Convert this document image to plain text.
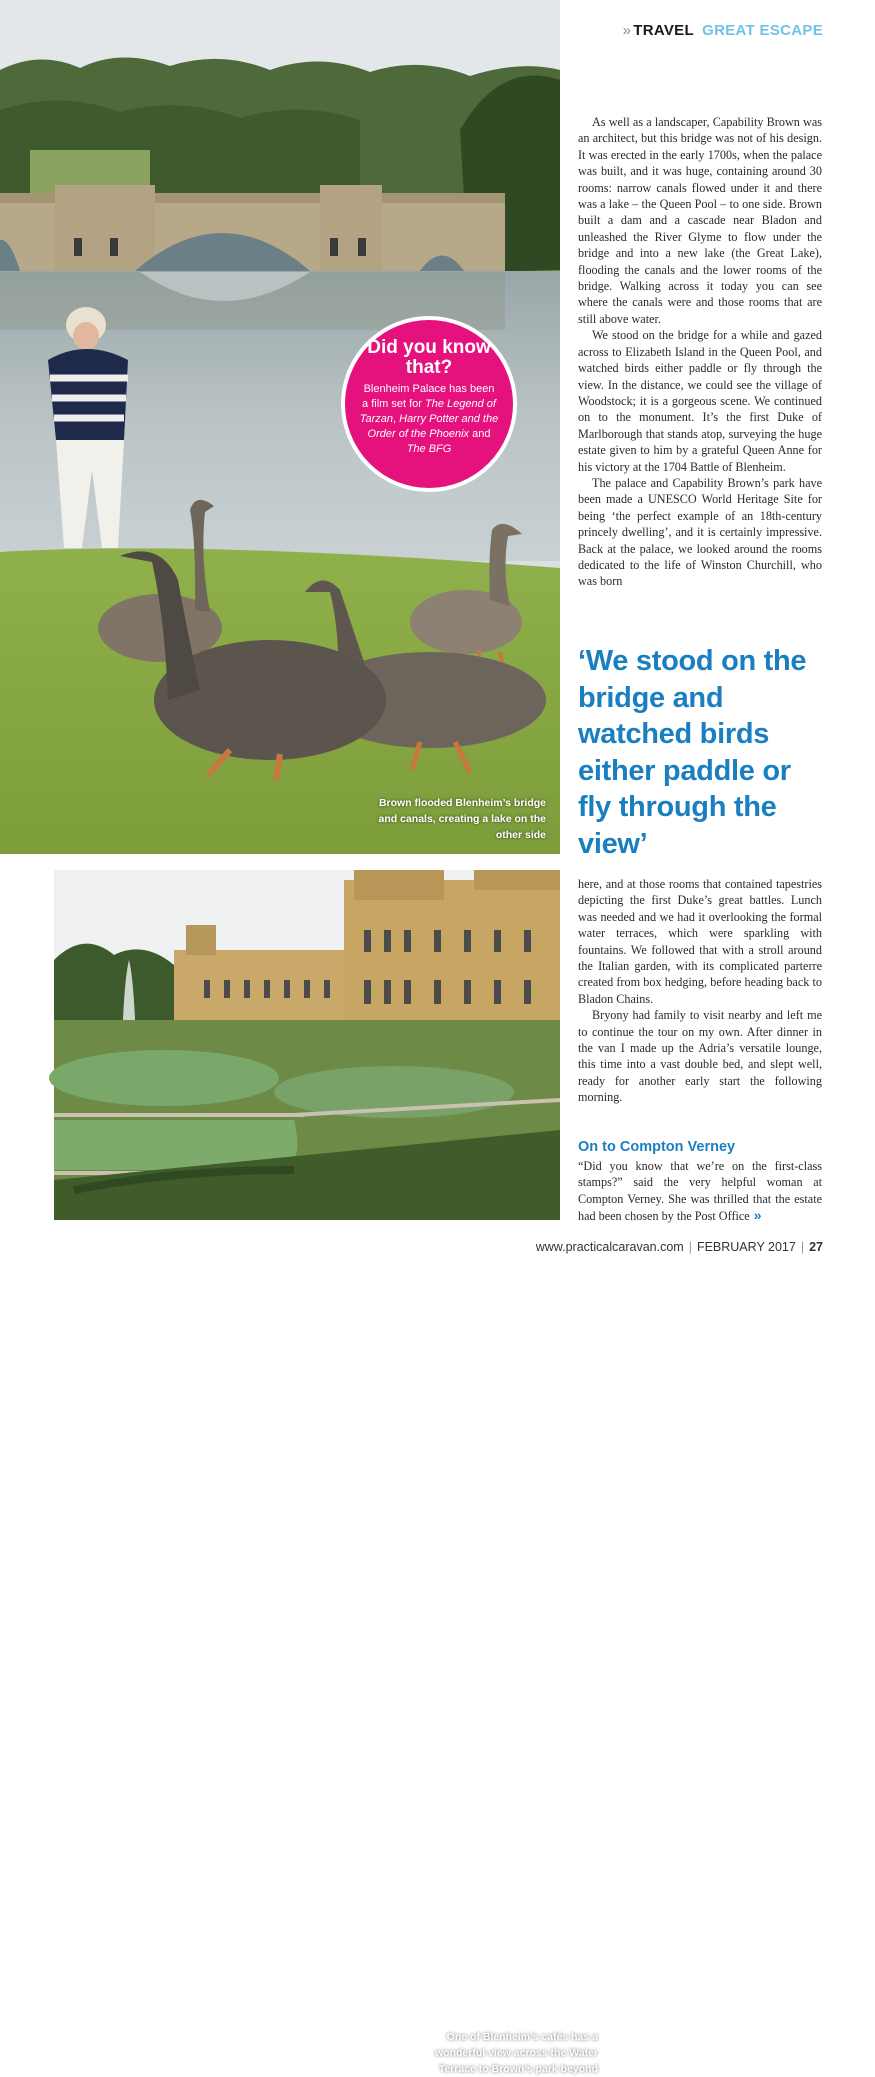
» TRAVEL GREAT ESCAPE
Did you know that?
Blenheim Palace has been a film set for The Legend of Tarzan, Harry Potter and the Order of the Phoenix and The BFG
Brown flooded Blenheim’s bridge and canals, creating a lake on the other side
One of Blenheim’s cafés has a wonderful view across the Water Terrace to Brown’s park beyond

As well as a landscaper, Capability Brown was an architect, but this bridge was not of his design. It was erected in the early 1700s, when the palace was built, and it was huge, containing around 30 rooms: narrow canals flowed under it and there was a lake – the Queen Pool – to one side. Brown built a dam and a cascade near Bladon and unleashed the River Glyme to flow under the bridge and into a new lake (the Great Lake), flooding the canals and the lower rooms of the bridge. Walking across it today you can see where the canals were and those rooms that are still above water.

We stood on the bridge for a while and gazed across to Elizabeth Island in the Queen Pool, and watched birds either paddle or fly through the view. In the distance, we could see the village of Woodstock; it is a gorgeous scene. We continued on to the monument. It’s the first Duke of Marlborough that stands atop, surveying the huge estate given to him by a grateful Queen Anne for his victory at the 1704 Battle of Blenheim.

The palace and Capability Brown’s park have been made a UNESCO World Heritage Site for being ‘the perfect example of an 18th-century princely dwelling’, and it is certainly impressive. Back at the palace, we looked around the rooms dedicated to the life of Winston Churchill, who was born

‘We stood on the bridge and watched birds either paddle or fly through the view’

here, and at those rooms that contained tapestries depicting the first Duke’s great battles. Lunch was needed and we had it overlooking the formal water terraces, which were sparkling with fountains. We followed that with a stroll around the Italian garden, with its complicated parterre created from box hedging, before heading back to Bladon Chains.

Bryony had family to visit nearby and left me to continue the tour on my own. After dinner in the van I made up the Adria’s versatile lounge, this time into a vast double bed, and slept well, ready for another early start the following morning.

On to Compton Verney

“Did you know that we’re on the first-class stamps?” said the very helpful woman at Compton Verney. She was thrilled that the estate had been chosen by the Post Office »

www.practicalcaravan.com | FEBRUARY 2017 | 27
